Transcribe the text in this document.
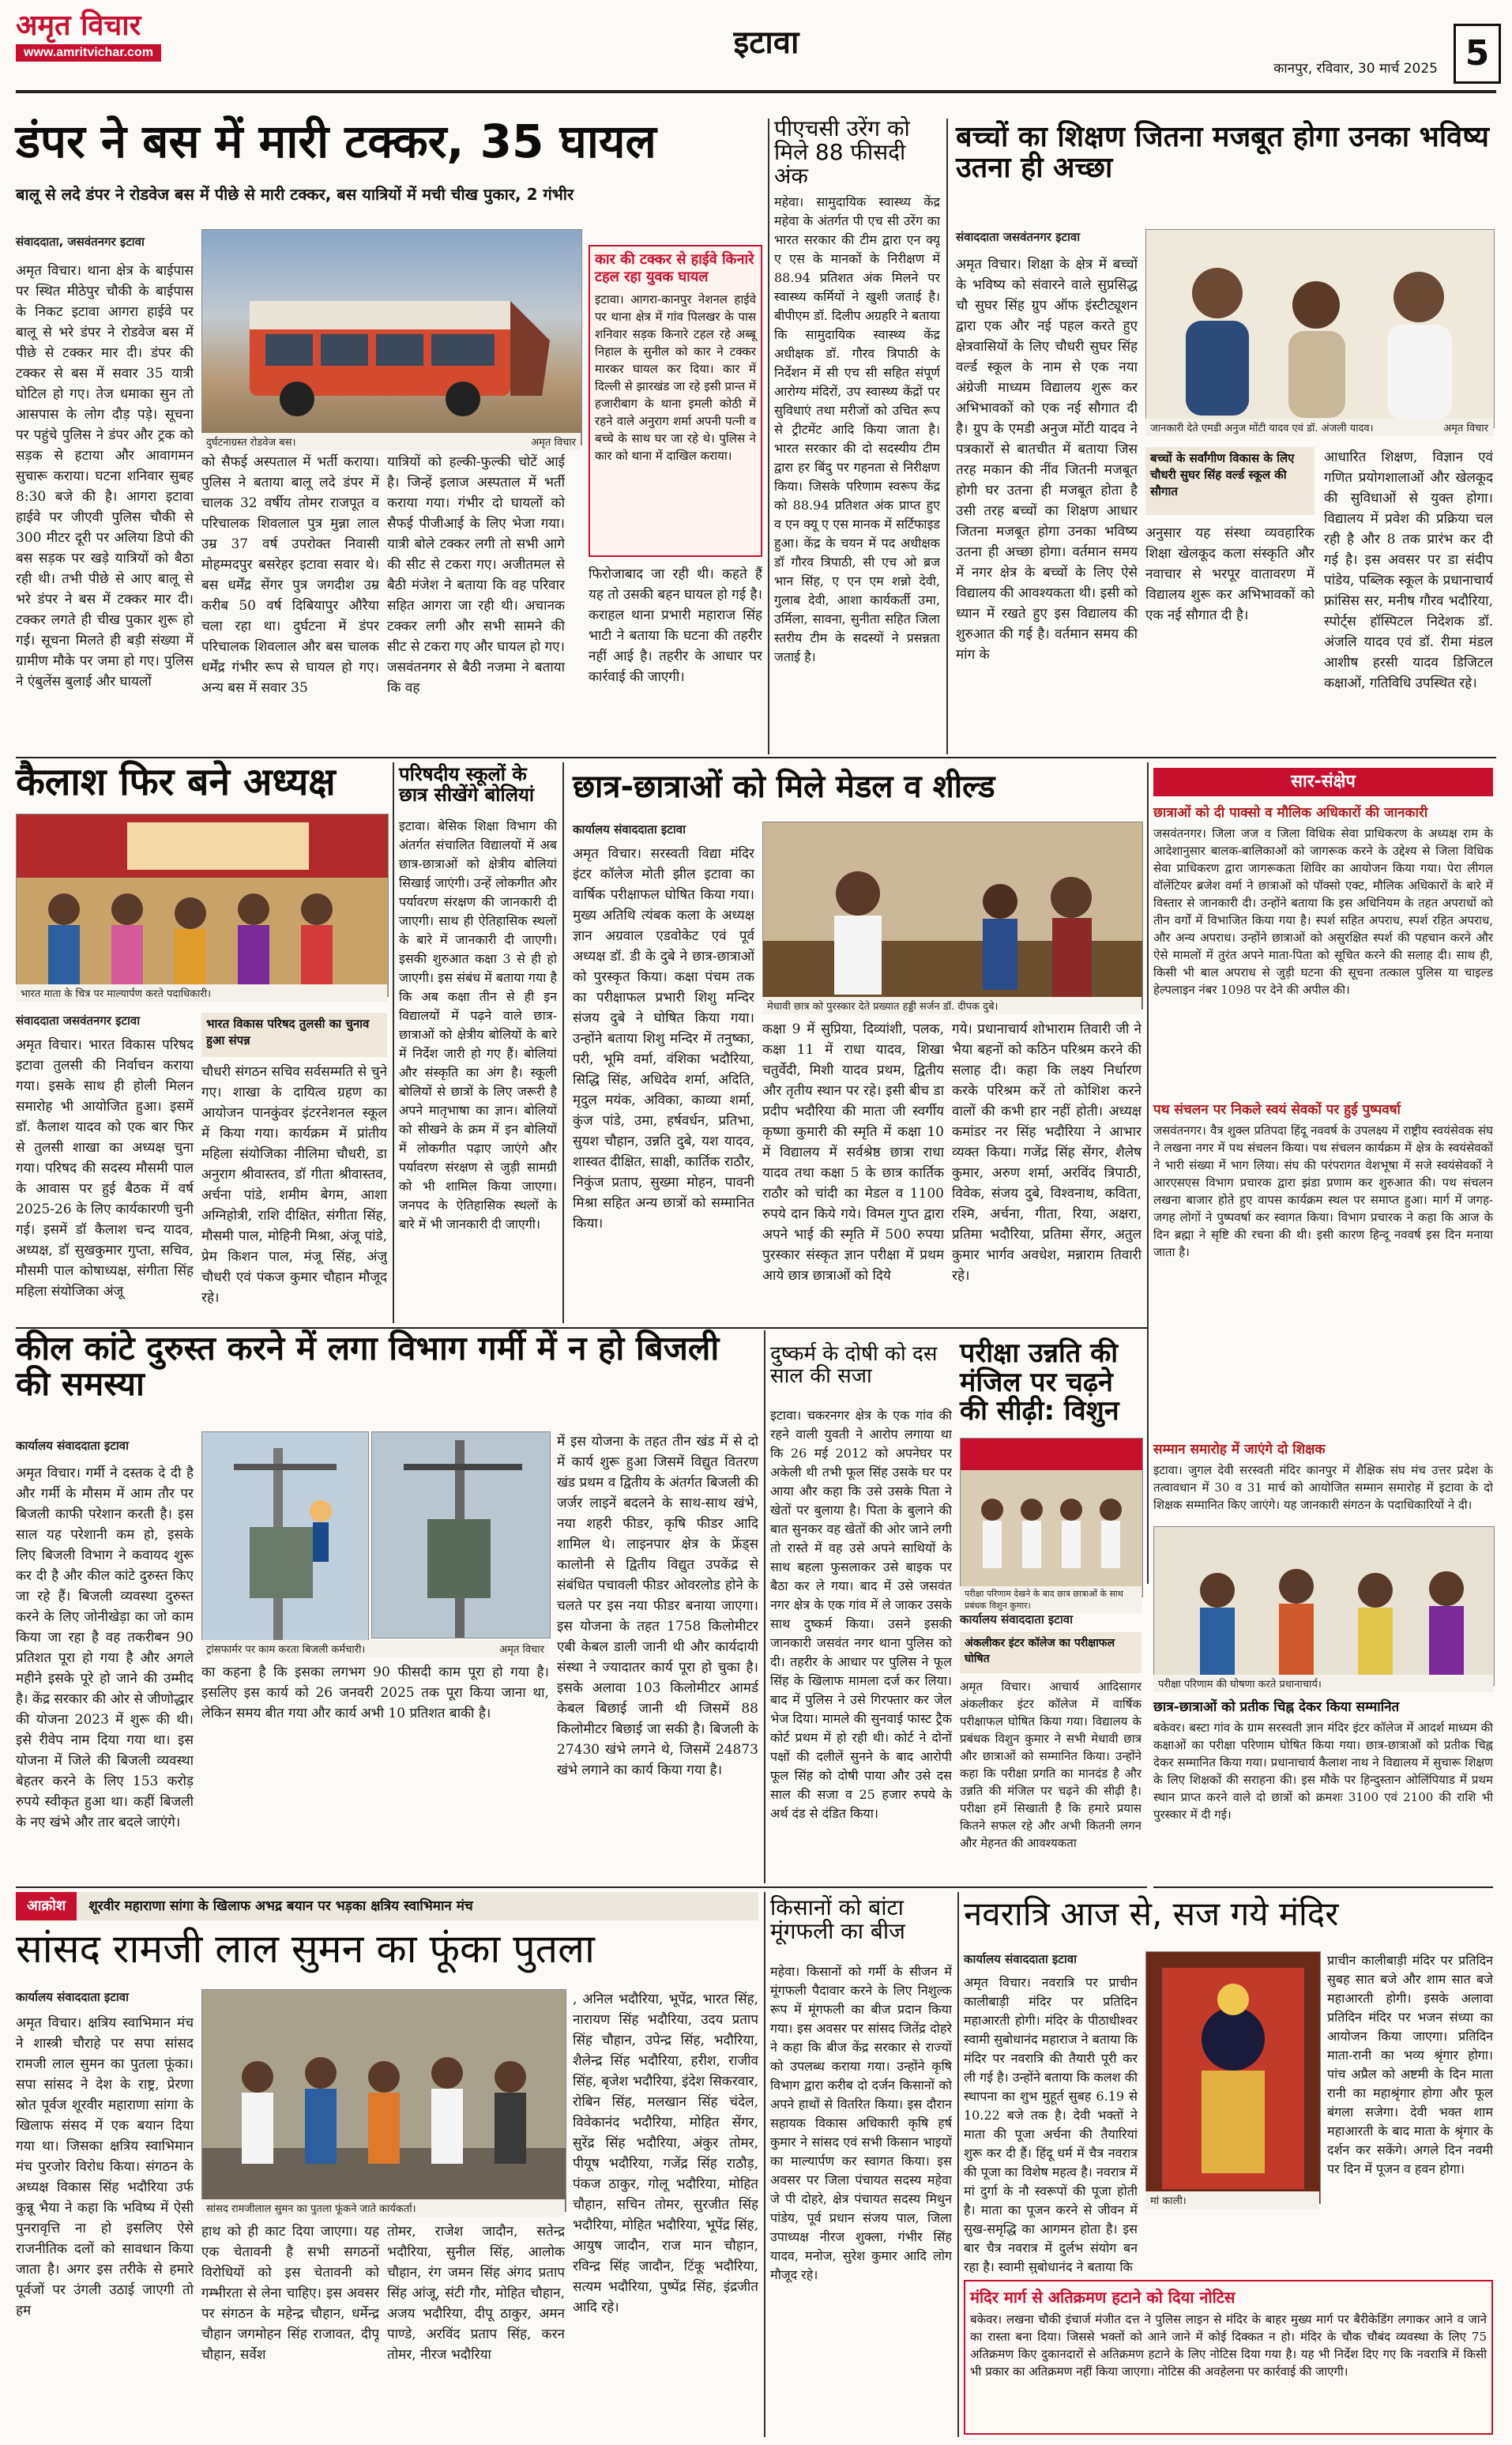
अमृत विचार
www.amritvichar.com	इटावा
कानपुर, रविवार, 30 मार्च 2025 5
डंपर ने बस में मारी टक्कर, 35 घायल
बालू से लदे डंपर ने रोडवेज बस में पीछे से मारी टक्कर, बस यात्रियों में मची चीख पुकार, 2 गंभीर
संवाददाता, जसवंतनगर इटावा
अमृत विचार। थाना क्षेत्र के बाईपास पर स्थित मीठेपुर चौकी के बाईपास के निकट इटावा आगरा हाईवे पर बालू से भरे डंपर ने रोडवेज बस में पीछे से टक्कर मार दी। डंपर की टक्कर से बस में सवार 35 यात्री घोटिल हो गए। तेज धमाका सुन तो आसपास के लोग दौड़ पड़े। सूचना पर पहुंचे पुलिस ने डंपर और ट्रक को सड़क से हटाया और आवागमन सुचारू कराया। घटना शनिवार सुबह 8:30 बजे की है। आगरा इटावा हाईवे पर जीएवी पुलिस चौकी से 300 मीटर दूरी पर अलिया डिपो की बस सड़क पर खड़े यात्रियों को बैठा रही थी। तभी पीछे से आए बालू से भरे डंपर ने बस में टक्कर मार दी। टक्कर लगते ही चीख पुकार शुरू हो गई। सूचना मिलते ही बड़ी संख्या में ग्रामीण मौके पर जमा हो गए। पुलिस ने एंबुलेंस बुलाई और घायलों
दुर्घटनाग्रस्त रोडवेज बस।	अमृत विचार
को सैफई अस्पताल में भर्ती कराया। पुलिस ने बताया बालू लदे डंपर में चालक 32 वर्षीय तोमर राजपूत व परिचालक शिवलाल पुत्र मुन्ना लाल उम्र 37 वर्ष उपरोक्त निवासी मोहम्मदपुर बसरेहर इटावा सवार थे। बस धर्मेंद्र सेंगर पुत्र जगदीश उम्र करीब 50 वर्ष दिबियापुर औरैया चला रहा था। दुर्घटना में डंपर परिचालक शिवलाल और बस चालक धर्मेंद्र गंभीर रूप से घायल हो गए। अन्य बस में सवार 35
यात्रियों को हल्की-फुल्की चोटें आई है। जिन्हें इलाज अस्पताल में भर्ती कराया गया। गंभीर दो घायलों को सैफई पीजीआई के लिए भेजा गया। यात्री बोले टक्कर लगी तो सभी आगे की सीट से टकरा गए। अजीतमल से बैठी मंजेश ने बताया कि वह परिवार सहित आगरा जा रही थी। अचानक टक्कर लगी और सभी सामने की सीट से टकरा गए और घायल हो गए। जसवंतनगर से बैठी नजमा ने बताया कि वह
कार की टक्कर से हाईवे किनारे टहल रहा युवक घायल
इटावा। आगरा-कानपुर नेशनल हाईवे पर थाना क्षेत्र में गांव पिलखर के पास शनिवार सड़क किनारे टहल रहे अब्बू निहाल के सुनील को कार ने टक्कर मारकर घायल कर दिया। कार में दिल्ली से झारखंड जा रहे इसी प्रान्त में हजारीबाग के थाना इमली कोठी में रहने वाले अनुराग शर्मा अपनी पत्नी व बच्चे के साथ घर जा रहे थे। पुलिस ने कार को थाना में दाखिल कराया।
फिरोजाबाद जा रही थी। कहते हैं यह तो उसकी बहन घायल हो गई है। कराहल थाना प्रभारी महाराज सिंह भाटी ने बताया कि घटना की तहरीर नहीं आई है। तहरीर के आधार पर कार्रवाई की जाएगी।
पीएचसी उरेंग को मिले 88 फीसदी अंक
महेवा। सामुदायिक स्वास्थ्य केंद्र महेवा के अंतर्गत पी एच सी उरेंग का भारत सरकार की टीम द्वारा एन क्यू ए एस के मानकों के निरीक्षण में 88.94 प्रतिशत अंक मिलने पर स्वास्थ्य कर्मियों ने खुशी जताई है। बीपीएम डॉ. दिलीप अग्रहरि ने बताया कि सामुदायिक स्वास्थ्य केंद्र अधीक्षक डॉ. गौरव त्रिपाठी के निर्देशन में सी एच सी सहित संपूर्ण आरोग्य मंदिरों, उप स्वास्थ्य केंद्रों पर सुविधाएं तथा मरीजों को उचित रूप से ट्रीटमेंट आदि किया जाता है। भारत सरकार की दो सदस्यीय टीम द्वारा हर बिंदु पर गहनता से निरीक्षण किया। जिसके परिणाम स्वरूप केंद्र को 88.94 प्रतिशत अंक प्राप्त हुए व एन क्यू ए एस मानक में सर्टिफाइड हुआ। केंद्र के चयन में पद अधीक्षक डॉ गौरव त्रिपाठी, सी एच ओ ब्रज भान सिंह, ए एन एम शन्नो देवी, गुलाब देवी, आशा कार्यकर्ती उमा, उर्मिला, सावना, सुनीता सहित जिला स्तरीय टीम के सदस्यों ने प्रसन्नता जताई है।
बच्चों का शिक्षण जितना मजबूत होगा उनका भविष्य उतना ही अच्छा
संवाददाता जसवंतनगर इटावा
जानकारी देते एमडी अनुज मोंटी यादव एवं डॉ. अंजली यादव।	अमृत विचार
अमृत विचार। शिक्षा के क्षेत्र में बच्चों के भविष्य को संवारने वाले सुप्रसिद्ध चौ सुघर सिंह ग्रुप ऑफ इंस्टीट्यूशन द्वारा एक और नई पहल करते हुए क्षेत्रवासियों के लिए चौधरी सुघर सिंह वर्ल्ड स्कूल के नाम से एक नया अंग्रेजी माध्यम विद्यालय शुरू कर अभिभावकों को एक नई सौगात दी है। ग्रुप के एमडी अनुज मोंटी यादव ने पत्रकारों से बातचीत में बताया जिस तरह मकान की नींव जितनी मजबूत होगी घर उतना ही मजबूत होता है उसी तरह बच्चों का शिक्षण आधार जितना मजबूत होगा उनका भविष्य उतना ही अच्छा होगा। वर्तमान समय में नगर क्षेत्र के बच्चों के लिए ऐसे विद्यालय की आवश्यकता थी। इसी को ध्यान में रखते हुए इस विद्यालय की शुरुआत की गई है। वर्तमान समय की मांग के
बच्चों के सर्वांगीण विकास के लिए चौधरी सुघर सिंह वर्ल्ड स्कूल की सौगात
अनुसार यह संस्था व्यवहारिक शिक्षा खेलकूद कला संस्कृति और नवाचार से भरपूर वातावरण में विद्यालय शुरू कर अभिभावकों को एक नई सौगात दी है।
आधारित शिक्षण, विज्ञान एवं गणित प्रयोगशालाओं और खेलकूद की सुविधाओं से युक्त होगा। विद्यालय में प्रवेश की प्रक्रिया चल रही है और 8 तक प्रारंभ कर दी गई है। इस अवसर पर डा संदीप पांडेय, पब्लिक स्कूल के प्रधानाचार्य फ्रांसिस सर, मनीष गौरव भदौरिया, स्पोर्ट्स हॉस्पिटल निदेशक डॉ. अंजलि यादव एवं डॉ. रीमा मंडल आशीष हरसी यादव डिजिटल कक्षाओं, गतिविधि उपस्थित रहे।
कैलाश फिर बने अध्यक्ष
भारत माता के चित्र पर माल्यार्पण करते पदाधिकारी।
संवाददाता जसवंतनगर इटावा
अमृत विचार। भारत विकास परिषद इटावा तुलसी की निर्वाचन कराया गया। इसके साथ ही होली मिलन समारोह भी आयोजित हुआ। इसमें डॉ. कैलाश यादव को एक बार फिर से तुलसी शाखा का अध्यक्ष चुना गया। परिषद की सदस्य मौसमी पाल के आवास पर हुई बैठक में वर्ष 2025-26 के लिए कार्यकारणी चुनी गई। इसमें डॉ कैलाश चन्द यादव, अध्यक्ष, डॉ सुखकुमार गुप्ता, सचिव, मौसमी पाल कोषाध्यक्ष, संगीता सिंह महिला संयोजिका अंजू
भारत विकास परिषद तुलसी का चुनाव हुआ संपन्न
चौधरी संगठन सचिव सर्वसम्मति से चुने गए। शाखा के दायित्व ग्रहण का आयोजन पानकुंवर इंटरनेशनल स्कूल में किया गया। कार्यक्रम में प्रांतीय महिला संयोजिका नीलिमा चौधरी, डा अनुराग श्रीवास्तव, डॉ गीता श्रीवास्तव, अर्चना पांडे, शमीम बेगम, आशा अग्निहोत्री, राशि दीक्षित, संगीता सिंह, मौसमी पाल, मोहिनी मिश्रा, अंजू पांडे, प्रेम किशन पाल, मंजू सिंह, अंजु चौधरी एवं पंकज कुमार चौहान मौजूद रहे।
परिषदीय स्कूलों के छात्र सीखेंगे बोलियां
इटावा। बेसिक शिक्षा विभाग की अंतर्गत संचालित विद्यालयों में अब छात्र-छात्राओं को क्षेत्रीय बोलियां सिखाई जाएंगी। उन्हें लोकगीत और पर्यावरण संरक्षण की जानकारी दी जाएगी। साथ ही ऐतिहासिक स्थलों के बारे में जानकारी दी जाएगी। इसकी शुरुआत कक्षा 3 से ही हो जाएगी। इस संबंध में बताया गया है कि अब कक्षा तीन से ही इन विद्यालयों में पढ़ने वाले छात्र-छात्राओं को क्षेत्रीय बोलियों के बारे में निर्देश जारी हो गए हैं। बोलियां और संस्कृति का अंग है। स्कूली बोलियों से छात्रों के लिए जरूरी है अपने मातृभाषा का ज्ञान। बोलियों को सीखने के क्रम में इन बोलियों में लोकगीत पढ़ाए जाएंगे और पर्यावरण संरक्षण से जुड़ी सामग्री को भी शामिल किया जाएगा। जनपद के ऐतिहासिक स्थलों के बारे में भी जानकारी दी जाएगी।
छात्र-छात्राओं को मिले मेडल व शील्ड
कार्यालय संवाददाता इटावा
अमृत विचार। सरस्वती विद्या मंदिर इंटर कॉलेज मोती झील इटावा का वार्षिक परीक्षाफल घोषित किया गया। मुख्य अतिथि त्यंबक कला के अध्यक्ष ज्ञान अग्रवाल एडवोकेट एवं पूर्व अध्यक्ष डॉ. डी के दुबे ने छात्र-छात्राओं को पुरस्कृत किया। कक्षा पंचम तक का परीक्षाफल प्रभारी शिशु मन्दिर संजय दुबे ने घोषित किया गया। उन्होंने बताया शिशु मन्दिर में तनुष्का, परी, भूमि वर्मा, वंशिका भदौरिया, सिद्धि सिंह, अधिदेव शर्मा, अदिति, मृदुल मयंक, अविका, काव्या शर्मा, कुंज पांडे, उमा, हर्षवर्धन, प्रतिभा, सुयश चौहान, उन्नति दुबे, यश यादव, शास्वत दीक्षित, साक्षी, कार्तिक राठौर, निकुंज प्रताप, सुख्मा मोहन, पावनी मिश्रा सहित अन्य छात्रों को सम्मानित किया।
मेधावी छात्र को पुरस्कार देते प्रख्यात हड्डी सर्जन डॉ. दीपक दुबे।
कक्षा 9 में सुप्रिया, दिव्यांशी, पलक, कक्षा 11 में राधा यादव, शिखा चतुर्वेदी, मिशी यादव प्रथम, द्वितीय और तृतीय स्थान पर रहे। इसी बीच डा प्रदीप भदौरिया की माता जी स्वर्गीय कृष्णा कुमारी की स्मृति में कक्षा 10 में विद्यालय में सर्वश्रेष्ठ छात्रा राधा यादव तथा कक्षा 5 के छात्र कार्तिक राठौर को चांदी का मेडल व 1100 रुपये दान किये गये। विमल गुप्त द्वारा अपने भाई की स्मृति में 500 रुपया पुरस्कार संस्कृत ज्ञान परीक्षा में प्रथम आये छात्र छात्राओं को दिये
गये। प्रधानाचार्य शोभाराम तिवारी जी ने भैया बहनों को कठिन परिश्रम करने की सलाह दी। कहा कि लक्ष्य निर्धारण करके परिश्रम करें तो कोशिश करने वालों की कभी हार नहीं होती। अध्यक्ष कमांडर नर सिंह भदौरिया ने आभार व्यक्त किया। गजेंद्र सिंह सेंगर, शैलेष कुमार, अरुण शर्मा, अरविंद त्रिपाठी, विवेक, संजय दुबे, विश्वनाथ, कविता, रश्मि, अर्चना, गीता, रिया, अक्षरा, प्रतिमा भदौरिया, प्रतिमा सेंगर, अतुल कुमार भार्गव अवधेश, मन्नाराम तिवारी रहे।
सार-संक्षेप
छात्राओं को दी पाक्सो व मौलिक अधिकारों की जानकारी
जसवंतनगर। जिला जज व जिला विधिक सेवा प्राधिकरण के अध्यक्ष राम के आदेशानुसार बालक-बालिकाओं को जागरूक करने के उद्देश्य से जिला विधिक सेवा प्राधिकरण द्वारा जागरूकता शिविर का आयोजन किया गया। पेरा लीगल वॉलेंटियर ब्रजेश वर्मा ने छात्राओं को पॉक्सो एक्ट, मौलिक अधिकारों के बारे में विस्तार से जानकारी दी। उन्होंने बताया कि इस अधिनियम के तहत अपराधों को तीन वर्गों में विभाजित किया गया है। स्पर्श सहित अपराध, स्पर्श रहित अपराध, और अन्य अपराध। उन्होंने छात्राओं को असुरक्षित स्पर्श की पहचान करने और ऐसे मामलों में तुरंत अपने माता-पिता को सूचित करने की सलाह दी। साथ ही, किसी भी बाल अपराध से जुड़ी घटना की सूचना तत्काल पुलिस या चाइल्ड हेल्पलाइन नंबर 1098 पर देने की अपील की।
पथ संचलन पर निकले स्वयं सेवकों पर हुई पुष्पवर्षा
जसवंतनगर। वैत्र शुक्ल प्रतिपदा हिंदू नववर्ष के उपलक्ष्य में राष्ट्रीय स्वयंसेवक संघ ने लखना नगर में पथ संचलन किया। पथ संचलन कार्यक्रम में क्षेत्र के स्वयंसेवकों ने भारी संख्या में भाग लिया। संघ की परंपरागत वेशभूषा में सजे स्वयंसेवकों ने आरएसएस विभाग प्रचारक द्वारा झंडा प्रणाम कर शुरुआत की। पथ संचलन लखना बाजार होते हुए वापस कार्यक्रम स्थल पर समाप्त हुआ। मार्ग में जगह-जगह लोगों ने पुष्पवर्षा कर स्वागत किया। विभाग प्रचारक ने कहा कि आज के दिन ब्रह्मा ने सृष्टि की रचना की थी। इसी कारण हिन्दू नववर्ष इस दिन मनाया जाता है।
सम्मान समारोह में जाएंगे दो शिक्षक
इटावा। जुगल देवी सरस्वती मंदिर कानपुर में शैक्षिक संघ मंच उत्तर प्रदेश के तत्वावधान में 30 व 31 मार्च को आयोजित सम्मान समारोह में इटावा के दो शिक्षक सम्मानित किए जाएंगे। यह जानकारी संगठन के पदाधिकारियों ने दी।
परीक्षा परिणाम की घोषणा करते प्रधानाचार्य।
छात्र-छात्राओं को प्रतीक चिह्न देकर किया सम्मानित
बकेवर। बस्टा गांव के ग्राम सरस्वती ज्ञान मंदिर इंटर कॉलेज में आदर्श माध्यम की कक्षाओं का परीक्षा परिणाम घोषित किया गया। छात्र-छात्राओं को प्रतीक चिह्न देकर सम्मानित किया गया। प्रधानाचार्य कैलाश नाथ ने विद्यालय में सुचारू शिक्षण के लिए शिक्षकों की सराहना की। इस मौके पर हिन्दुस्तान ओलिंपियाड में प्रथम स्थान प्राप्त करने वाले दो छात्रों को क्रमशः 3100 एवं 2100 की राशि भी पुरस्कार में दी गई।
कील कांटे दुरुस्त करने में लगा विभाग गर्मी में न हो बिजली की समस्या
कार्यालय संवाददाता इटावा
अमृत विचार। गर्मी ने दस्तक दे दी है और गर्मी के मौसम में आम तौर पर बिजली काफी परेशान करती है। इस साल यह परेशानी कम हो, इसके लिए बिजली विभाग ने कवायद शुरू कर दी है और कील कांटे दुरुस्त किए जा रहे हैं। बिजली व्यवस्था दुरुस्त करने के लिए जोनीखेड़ा का जो काम किया जा रहा है वह तकरीबन 90 प्रतिशत पूरा हो गया है और अगले महीने इसके पूरे हो जाने की उम्मीद है। केंद्र सरकार की ओर से जीणोद्धार की योजना 2023 में शुरू की थी। इसे रीवेप नाम दिया गया था। इस योजना में जिले की बिजली व्यवस्था बेहतर करने के लिए 153 करोड़ रुपये स्वीकृत हुआ था। कहीं बिजली के नए खंभे और तार बदले जाएंगे।
ट्रांसफार्मर पर काम करता बिजली कर्मचारी।	अमृत विचार
का कहना है कि इसका लगभग 90 फीसदी काम पूरा हो गया है। इसलिए इस कार्य को 26 जनवरी 2025 तक पूरा किया जाना था, लेकिन समय बीत गया और कार्य अभी 10 प्रतिशत बाकी है।
में इस योजना के तहत तीन खंड में से दो में कार्य शुरू हुआ जिसमें विद्युत वितरण खंड प्रथम व द्वितीय के अंतर्गत बिजली की जर्जर लाइनें बदलने के साथ-साथ खंभे, नया शहरी फीडर, कृषि फीडर आदि शामिल थे। लाइनपार क्षेत्र के फ्रेंड्स कालोनी से द्वितीय विद्युत उपकेंद्र से संबंधित पचावली फीडर ओवरलोड होने के चलते पर इस नया फीडर बनाया जाएगा। इस योजना के तहत 1758 किलोमीटर एबी केबल डाली जानी थी और कार्यदायी संस्था ने ज्यादातर कार्य पूरा हो चुका है। इसके अलावा 103 किलोमीटर आमर्ड केबल बिछाई जानी थी जिसमें 88 किलोमीटर बिछाई जा सकी है। बिजली के 27430 खंभे लगने थे, जिसमें 24873 खंभे लगाने का कार्य किया गया है।
दुष्कर्म के दोषी को दस साल की सजा
इटावा। चकरनगर क्षेत्र के एक गांव की रहने वाली युवती ने आरोप लगाया था कि 26 मई 2012 को अपनेघर पर अकेली थी तभी फूल सिंह उसके घर पर आया और कहा कि उसे उसके पिता ने खेतों पर बुलाया है। पिता के बुलाने की बात सुनकर वह खेतों की ओर जाने लगी तो रास्ते में वह उसे अपने साथियों के साथ बहला फुसलाकर उसे बाइक पर बैठा कर ले गया। बाद में उसे जसवंत नगर क्षेत्र के एक गांव में ले जाकर उसके साथ दुष्कर्म किया। उसने इसकी जानकारी जसवंत नगर थाना पुलिस को दी। तहरीर के आधार पर पुलिस ने फूल सिंह के खिलाफ मामला दर्ज कर लिया। बाद में पुलिस ने उसे गिरफ्तार कर जेल भेज दिया। मामले की सुनवाई फास्ट ट्रैक कोर्ट प्रथम में हो रही थी। कोर्ट ने दोनों पक्षों की दलीलें सुनने के बाद आरोपी फूल सिंह को दोषी पाया और उसे दस साल की सजा व 25 हजार रुपये के अर्थ दंड से दंडित किया।
परीक्षा उन्नति की मंजिल पर चढ़ने की सीढ़ी: विशुन
परीक्षा परिणाम देखने के बाद छात्र छात्राओं के साथ प्रबंधक विशुन कुमार।
कार्यालय संवाददाता इटावा
अंकलीकर इंटर कॉलेज का परीक्षाफल घोषित
अमृत विचार। आचार्य आदिसागर अंकलीकर इंटर कॉलेज में वार्षिक परीक्षाफल घोषित किया गया। विद्यालय के प्रबंधक विशुन कुमार ने सभी मेधावी छात्र और छात्राओं को सम्मानित किया। उन्होंने कहा कि परीक्षा प्रगति का मानदंड है और उन्नति की मंजिल पर चढ़ने की सीढ़ी है। परीक्षा हमें सिखाती है कि हमारे प्रयास कितने सफल रहे और अभी कितनी लगन और मेहनत की आवश्यकता
आक्रोश शूरवीर महाराणा सांगा के खिलाफ अभद्र बयान पर भड़का क्षत्रिय स्वाभिमान मंच
सांसद रामजी लाल सुमन का फूंका पुतला
कार्यालय संवाददाता इटावा
अमृत विचार। क्षत्रिय स्वाभिमान मंच ने शास्त्री चौराहे पर सपा सांसद रामजी लाल सुमन का पुतला फूंका। सपा सांसद ने देश के राष्ट्र, प्रेरणा स्रोत पूर्वज शूरवीर महाराणा सांगा के खिलाफ संसद में एक बयान दिया गया था। जिसका क्षत्रिय स्वाभिमान मंच पुरजोर विरोध किया। संगठन के अध्यक्ष विकास सिंह भदौरिया उर्फ कुन्नू भैया ने कहा कि भविष्य में ऐसी पुनरावृत्ति ना हो इसलिए ऐसे राजनीतिक दलों को सावधान किया जाता है। अगर इस तरीके से हमारे पूर्वजों पर उंगली उठाई जाएगी तो हम
सांसद रामजीलाल सुमन का पुतला फूंकने जाते कार्यकर्ता।
हाथ को ही काट दिया जाएगा। यह एक चेतावनी है सभी सगठनों विरोधियों को इस चेतावनी को गम्भीरता से लेना चाहिए। इस अवसर पर संगठन के महेन्द्र चौहान, धर्मेन्द्र चौहान जगमोहन सिंह राजावत, दीपू चौहान, सर्वेश
तोमर, राजेश जादौन, सतेन्द्र भदौरिया, सुनील सिंह, आलोक चौहान, रंग जमन सिंह अंगद प्रताप सिंह आंजू, संटी गौर, मोहित चौहान, अजय भदौरिया, दीपू ठाकुर, अमन पाण्डे, अरविंद प्रताप सिंह, करन तोमर, नीरज भदौरिया
, अनिल भदौरिया, भूपेंद्र, भारत सिंह, नारायण सिंह भदौरिया, उदय प्रताप सिंह चौहान, उपेन्द्र सिंह, भदौरिया, शैलेन्द्र सिंह भदौरिया, हरीश, राजीव सिंह, बृजेश भदौरिया, इंदेश सिकरवार, रोबिन सिंह, मलखान सिंह चंदेल, विवेकानंद भदौरिया, मोहित सेंगर, सुरेंद्र सिंह भदौरिया, अंकुर तोमर, पीयूष भदौरिया, गजेंद्र सिंह राठौड़, पंकज ठाकुर, गोलू भदौरिया, मोहित चौहान, सचिन तोमर, सुरजीत सिंह भदौरिया, मोहित भदौरिया, भूपेंद्र सिंह, आयुष जादौन, राज मान चौहान, रविन्द्र सिंह जादौन, टिंकू भदौरिया, सत्यम भदौरिया, पुष्पेंद्र सिंह, इंद्रजीत आदि रहे।
किसानों को बांटा मूंगफली का बीज
महेवा। किसानों को गर्मी के सीजन में मूंगफली पैदावार करने के लिए निशुल्क रूप में मूंगफली का बीज प्रदान किया गया। इस अवसर पर सांसद जितेंद्र दोहरे ने कहा कि बीज केंद्र सरकार से राज्यों को उपलब्ध कराया गया। उन्होंने कृषि विभाग द्वारा करीब दो दर्जन किसानों को अपने हाथों से वितरित किया। इस दौरान सहायक विकास अधिकारी कृषि हर्ष कुमार ने सांसद एवं सभी किसान भाइयों का माल्यार्पण कर स्वागत किया। इस अवसर पर जिला पंचायत सदस्य महेवा जे पी दोहरे, क्षेत्र पंचायत सदस्य मिथुन पांडेय, पूर्व प्रधान संजय पाल, जिला उपाध्यक्ष नीरज शुक्ला, गंभीर सिंह यादव, मनोज, सुरेश कुमार आदि लोग मौजूद रहे।
नवरात्रि आज से, सज गये मंदिर
कार्यालय संवाददाता इटावा
अमृत विचार। नवरात्रि पर प्राचीन कालीबाड़ी मंदिर पर प्रतिदिन महाआरती होगी। मंदिर के पीठाधीश्वर स्वामी सुबोधानंद महाराज ने बताया कि मंदिर पर नवरात्रि की तैयारी पूरी कर ली गई है। उन्होंने बताया कि कलश की स्थापना का शुभ मुहूर्त सुबह 6.19 से 10.22 बजे तक है। देवी भक्तों ने माता की पूजा अर्चना की तैयारियां शुरू कर दी हैं। हिंदू धर्म में चैत्र नवरात्र की पूजा का विशेष महत्व है। नवरात्र में मां दुर्गा के नौ स्वरूपों की पूजा होती है। माता का पूजन करने से जीवन में सुख-समृद्धि का आगमन होता है। इस बार चैत्र नवरात्र में दुर्लभ संयोग बन रहा है। स्वामी सुबोधानंद ने बताया कि
मां काली।
प्राचीन कालीबाड़ी मंदिर पर प्रतिदिन सुबह सात बजे और शाम सात बजे महाआरती होगी। इसके अलावा प्रतिदिन मंदिर पर भजन संध्या का आयोजन किया जाएगा। प्रतिदिन माता-रानी का भव्य श्रृंगार होगा। पांच अप्रैल को अष्टमी के दिन माता रानी का महाश्रृंगार होगा और फूल बंगला सजेगा। देवी भक्त शाम महाआरती के बाद माता के श्रृंगार के दर्शन कर सकेंगे। अगले दिन नवमी पर दिन में पूजन व हवन होगा।
मंदिर मार्ग से अतिक्रमण हटाने को दिया नोटिस
बकेवर। लखना चौकी इंचार्ज मंजीत दत्त ने पुलिस लाइन से मंदिर के बाहर मुख्य मार्ग पर बैरीकेडिंग लगाकर आने व जाने का रास्ता बना दिया। जिससे भक्तों को आने जाने में कोई दिक्कत न हो। मंदिर के चौक चौबंद व्यवस्था के लिए 75 अतिक्रमण किए दुकानदारों से अतिक्रमण हटाने के लिए नोटिस दिया गया है। यह भी निर्देश दिए गए कि नवरात्रि में किसी भी प्रकार का अतिक्रमण नहीं किया जाएगा। नोटिस की अवहेलना पर कार्रवाई की जाएगी।
